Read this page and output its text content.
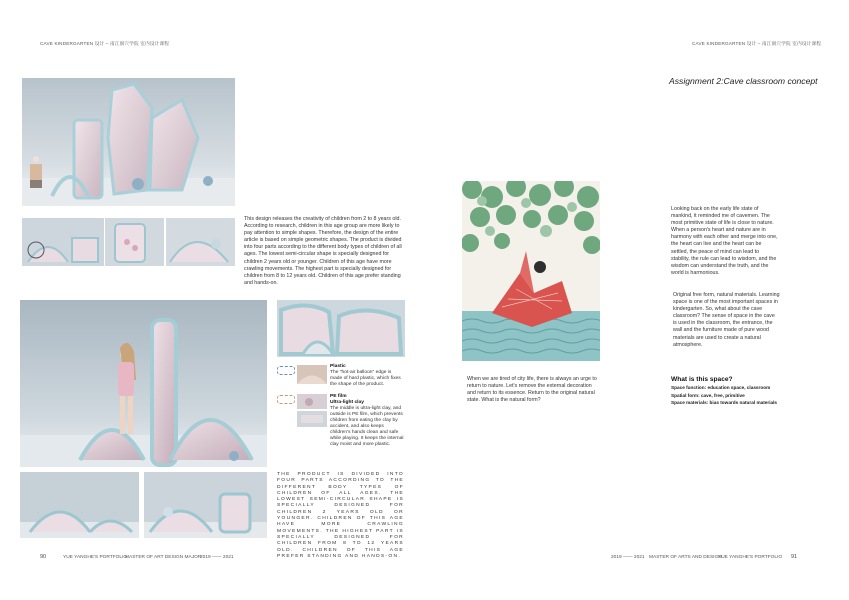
CAVE KINDERGARTEN 设计 – 南江洞穴学院 室内设计课程	CAVE KINDERGARTEN 设计 – 南江洞穴学院 室内设计课程
This design releases the creativity of children from 2 to 8 years old. According to research, children in this age group are more likely to pay attention to simple shapes. Therefore, the design of the entire article is based on simple geometric shapes. The product is divided into four parts according to the different body types of children of all ages. The lowest semi-circular shape is specially designed for children 2 years old or younger. Children of this age have more crawling movements. The highest part is specially designed for children from 8 to 12 years old. Children of this age prefer standing and hands-on.
Plastic
The "hot-air balloon" edge is made of hard plastic, which fixes the shape of the product.
PE film
Ultra-light clay
The middle is ultra-light clay, and outside is PE film, which prevents children from eating the clay by accident, and also keeps children's hands clean and safe while playing. It keeps the internal clay moist and more plastic.
THE PRODUCT IS DIVIDED INTO FOUR PARTS ACCORDING TO THE DIFFERENT BODY TYPES OF CHILDREN OF ALL AGES. THE LOWEST SEMI-CIRCULAR SHAPE IS SPECIALLY DESIGNED FOR CHILDREN 2 YEARS OLD OR YOUNGER. CHILDREN OF THIS AGE HAVE MORE CRAWLING MOVEMENTS. THE HIGHEST PART IS SPECIALLY DESIGNED FOR CHILDREN FROM 8 TO 12 YEARS OLD. CHILDREN OF THIS AGE PREFER STANDING AND HANDS-ON.
Assignment 2:Cave classroom concept
Looking back on the early life state of mankind, it reminded me of cavemen. The most primitive state of life is close to nature. When a person's heart and nature are in harmony with each other and merge into one, the heart can live and the heart can be settled, the peace of mind can lead to stability, the rule can lead to wisdom, and the wisdom can understand the truth, and the world is harmonious.
Original free form, natural materials. Learning space is one of the most important spaces in kindergarten. So, what about the cave classroom? The sense of space in the cave is used in the classroom, the entrance, the wall and the furniture made of pure wood materials are used to create a natural atmosphere.
When we are tired of city life, there is always an urge to return to nature. Let's remove the external decoration and return to its essence. Return to the original natural state. What is the natural form?
What is this space?
Space function: education space, classroom
Spatial form: cave, free, primitive
Space materials: bias towards natural materials
90	YUE YANGHE'S PORTFOLIO
MASTER OF ART DESIGN MAJOR
2019 —— 2021	2019 —— 2021 MASTER OF ARTS AND DESIGN
YUE YANGHE'S PORTFOLIO 91
